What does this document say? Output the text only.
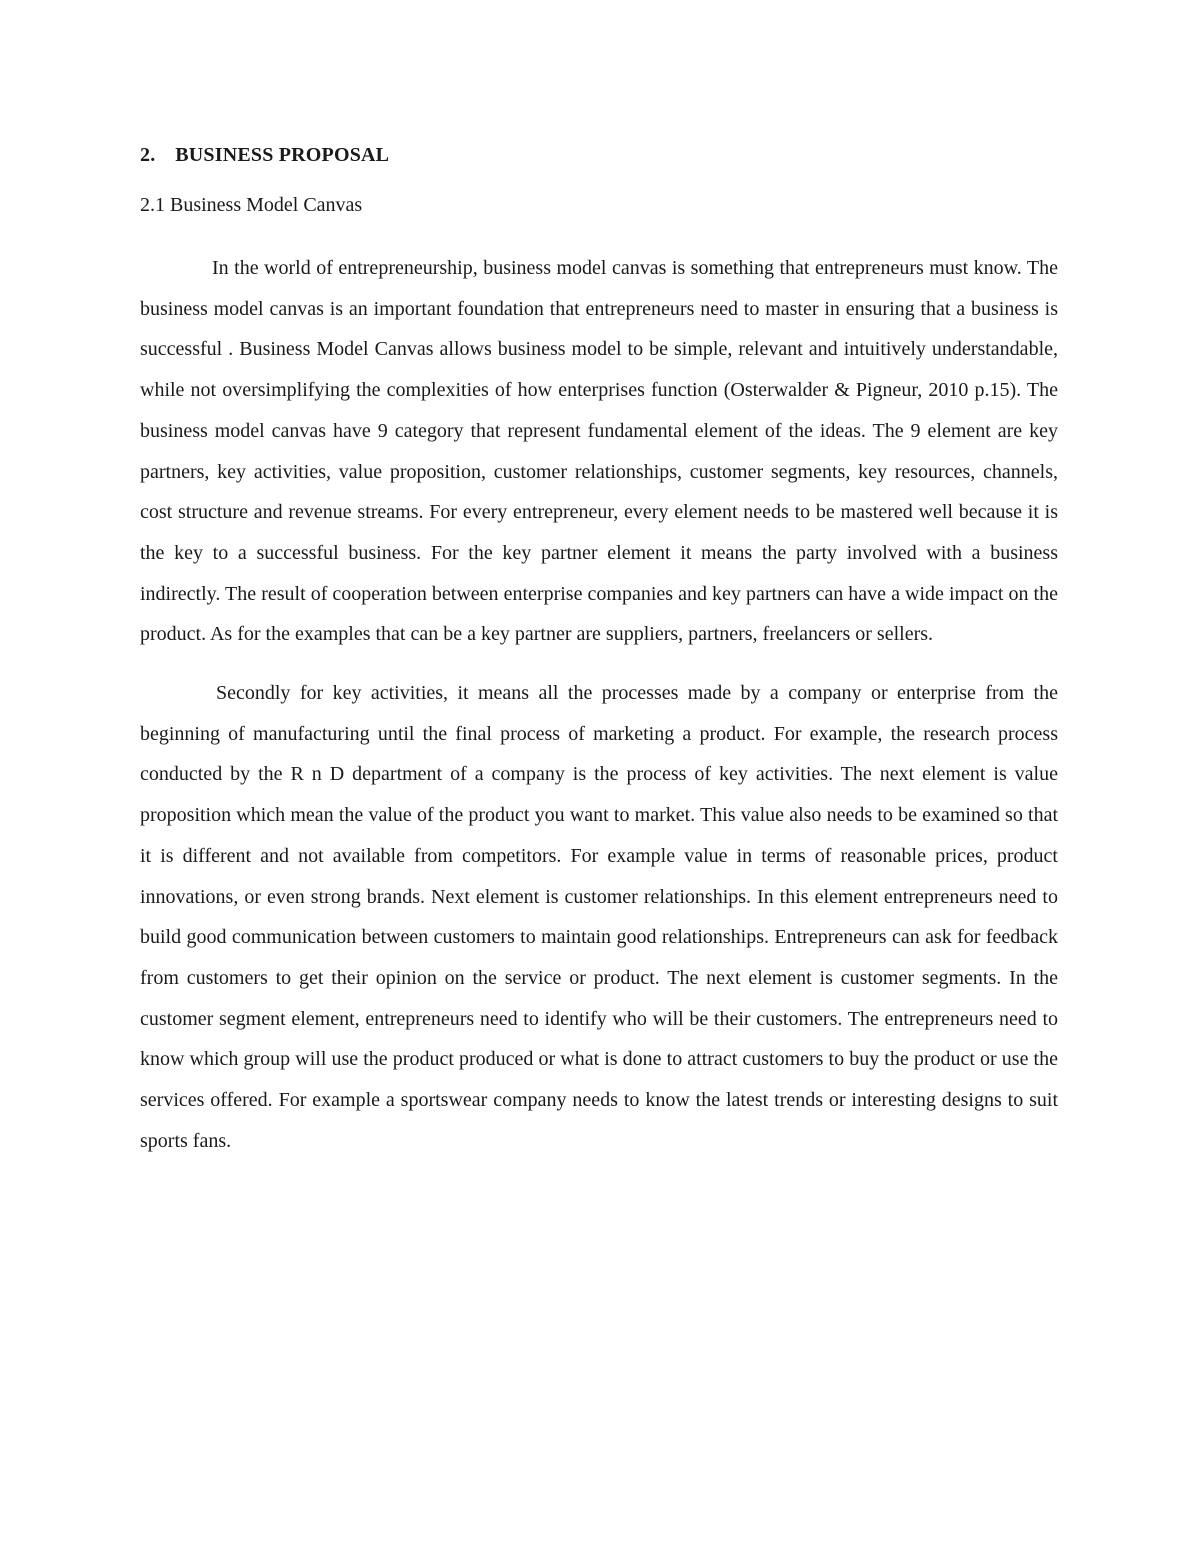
2. BUSINESS PROPOSAL
2.1 Business Model Canvas

In the world of entrepreneurship, business model canvas is something that entrepreneurs must know. The business model canvas is an important foundation that entrepreneurs need to master in ensuring that a business is successful . Business Model Canvas allows business model to be simple, relevant and intuitively understandable, while not oversimplifying the complexities of how enterprises function (Osterwalder & Pigneur, 2010 p.15). The business model canvas have 9 category that represent fundamental element of the ideas. The 9 element are key partners, key activities, value proposition, customer relationships, customer segments, key resources, channels, cost structure and revenue streams. For every entrepreneur, every element needs to be mastered well because it is the key to a successful business. For the key partner element it means the party involved with a business indirectly. The result of cooperation between enterprise companies and key partners can have a wide impact on the product. As for the examples that can be a key partner are suppliers, partners, freelancers or sellers.

Secondly for key activities, it means all the processes made by a company or enterprise from the beginning of manufacturing until the final process of marketing a product. For example, the research process conducted by the R n D department of a company is the process of key activities. The next element is value proposition which mean the value of the product you want to market. This value also needs to be examined so that it is different and not available from competitors. For example value in terms of reasonable prices, product innovations, or even strong brands. Next element is customer relationships. In this element entrepreneurs need to build good communication between customers to maintain good relationships. Entrepreneurs can ask for feedback from customers to get their opinion on the service or product. The next element is customer segments. In the customer segment element, entrepreneurs need to identify who will be their customers. The entrepreneurs need to know which group will use the product produced or what is done to attract customers to buy the product or use the services offered. For example a sportswear company needs to know the latest trends or interesting designs to suit sports fans.
